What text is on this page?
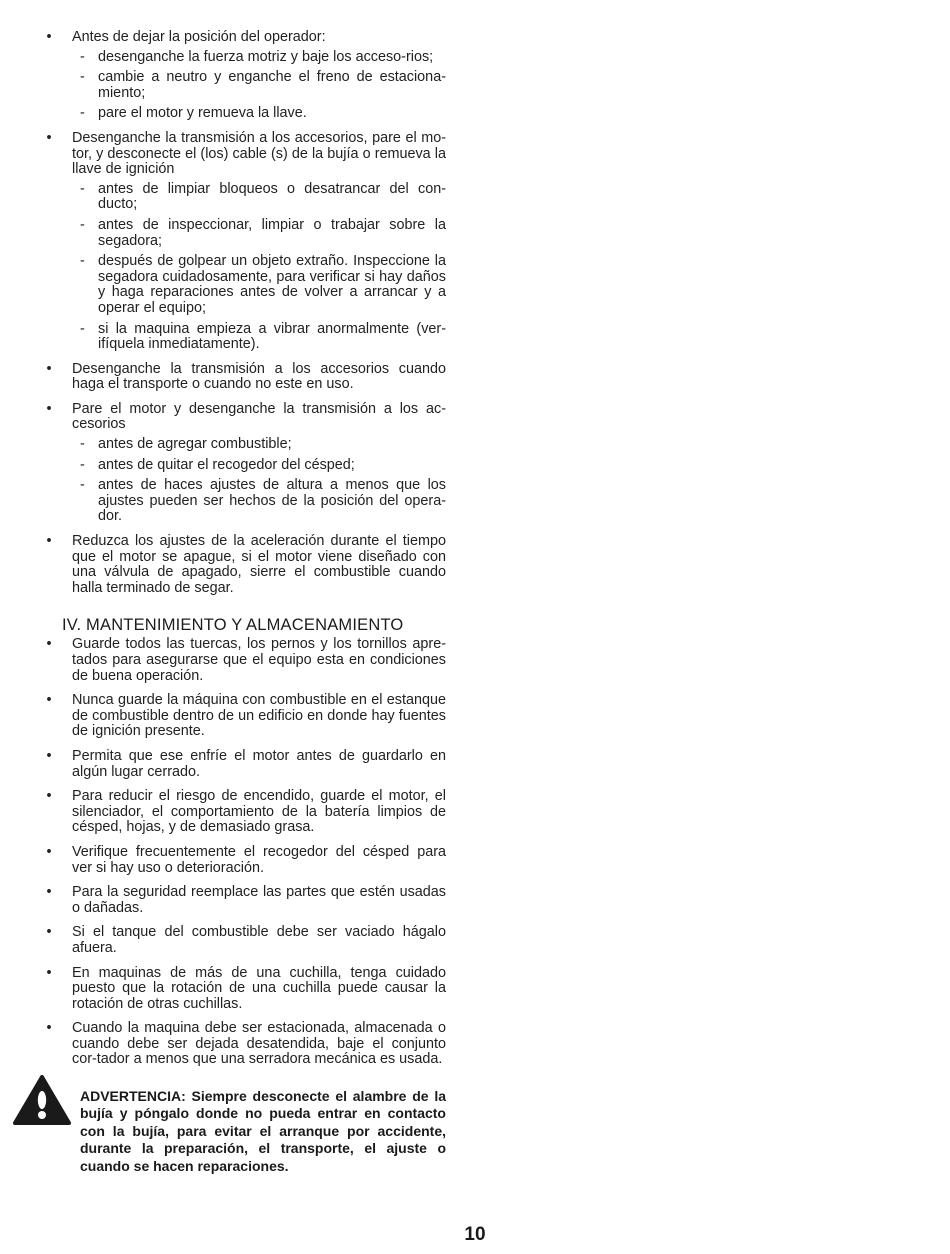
• Antes de dejar la posición del operador:
- desenganche la fuerza motriz y baje los acceso-rios;
- cambie a neutro y enganche el freno de estaciona-miento;
- pare el motor y remueva la llave.
• Desenganche la transmisión a los accesorios, pare el mo-tor, y desconecte el (los) cable (s) de la bujía o remueva la llave de ignición
- antes de limpiar bloqueos o desatrancar del con-ducto;
- antes de inspeccionar, limpiar o trabajar sobre la segadora;
- después de golpear un objeto extraño. Inspeccione la segadora cuidadosamente, para verificar si hay daños y haga reparaciones antes de volver a arrancar y a operar el equipo;
- si la maquina empieza a vibrar anormalmente (ver-ifíquela inmediatamente).
• Desenganche la transmisión a los accesorios cuando haga el transporte o cuando no este en uso.
• Pare el motor y desenganche la transmisión a los ac-cesorios
- antes de agregar combustible;
- antes de quitar el recogedor del césped;
- antes de haces ajustes de altura a menos que los ajustes pueden ser hechos de la posición del opera-dor.
• Reduzca los ajustes de la aceleración durante el tiempo que el motor se apague, si el motor viene diseñado con una válvula de apagado, sierre el combustible cuando halla terminado de segar.
IV. MANTENIMIENTO Y ALMACENAMIENTO
• Guarde todos las tuercas, los pernos y los tornillos apre-tados para asegurarse que el equipo esta en condiciones de buena operación.
• Nunca guarde la máquina con combustible en el estanque de combustible dentro de un edificio en donde hay fuentes de ignición presente.
• Permita que ese enfríe el motor antes de guardarlo en algún lugar cerrado.
• Para reducir el riesgo de encendido, guarde el motor, el silenciador, el comportamiento de la batería limpios de césped, hojas, y de demasiado grasa.
• Verifique frecuentemente el recogedor del césped para ver si hay uso o deterioración.
• Para la seguridad reemplace las partes que estén usadas o dañadas.
• Si el tanque del combustible debe ser vaciado hágalo afuera.
• En maquinas de más de una cuchilla, tenga cuidado puesto que la rotación de una cuchilla puede causar la rotación de otras cuchillas.
• Cuando la maquina debe ser estacionada, almacenada o cuando debe ser dejada desatendida, baje el conjunto cor-tador a menos que una serradora mecánica es usada.
ADVERTENCIA: Siempre desconecte el alambre de la bujía y póngalo donde no pueda entrar en contacto con la bujía, para evitar el arranque por accidente, durante la preparación, el transporte, el ajuste o cuando se hacen reparaciones.
10
